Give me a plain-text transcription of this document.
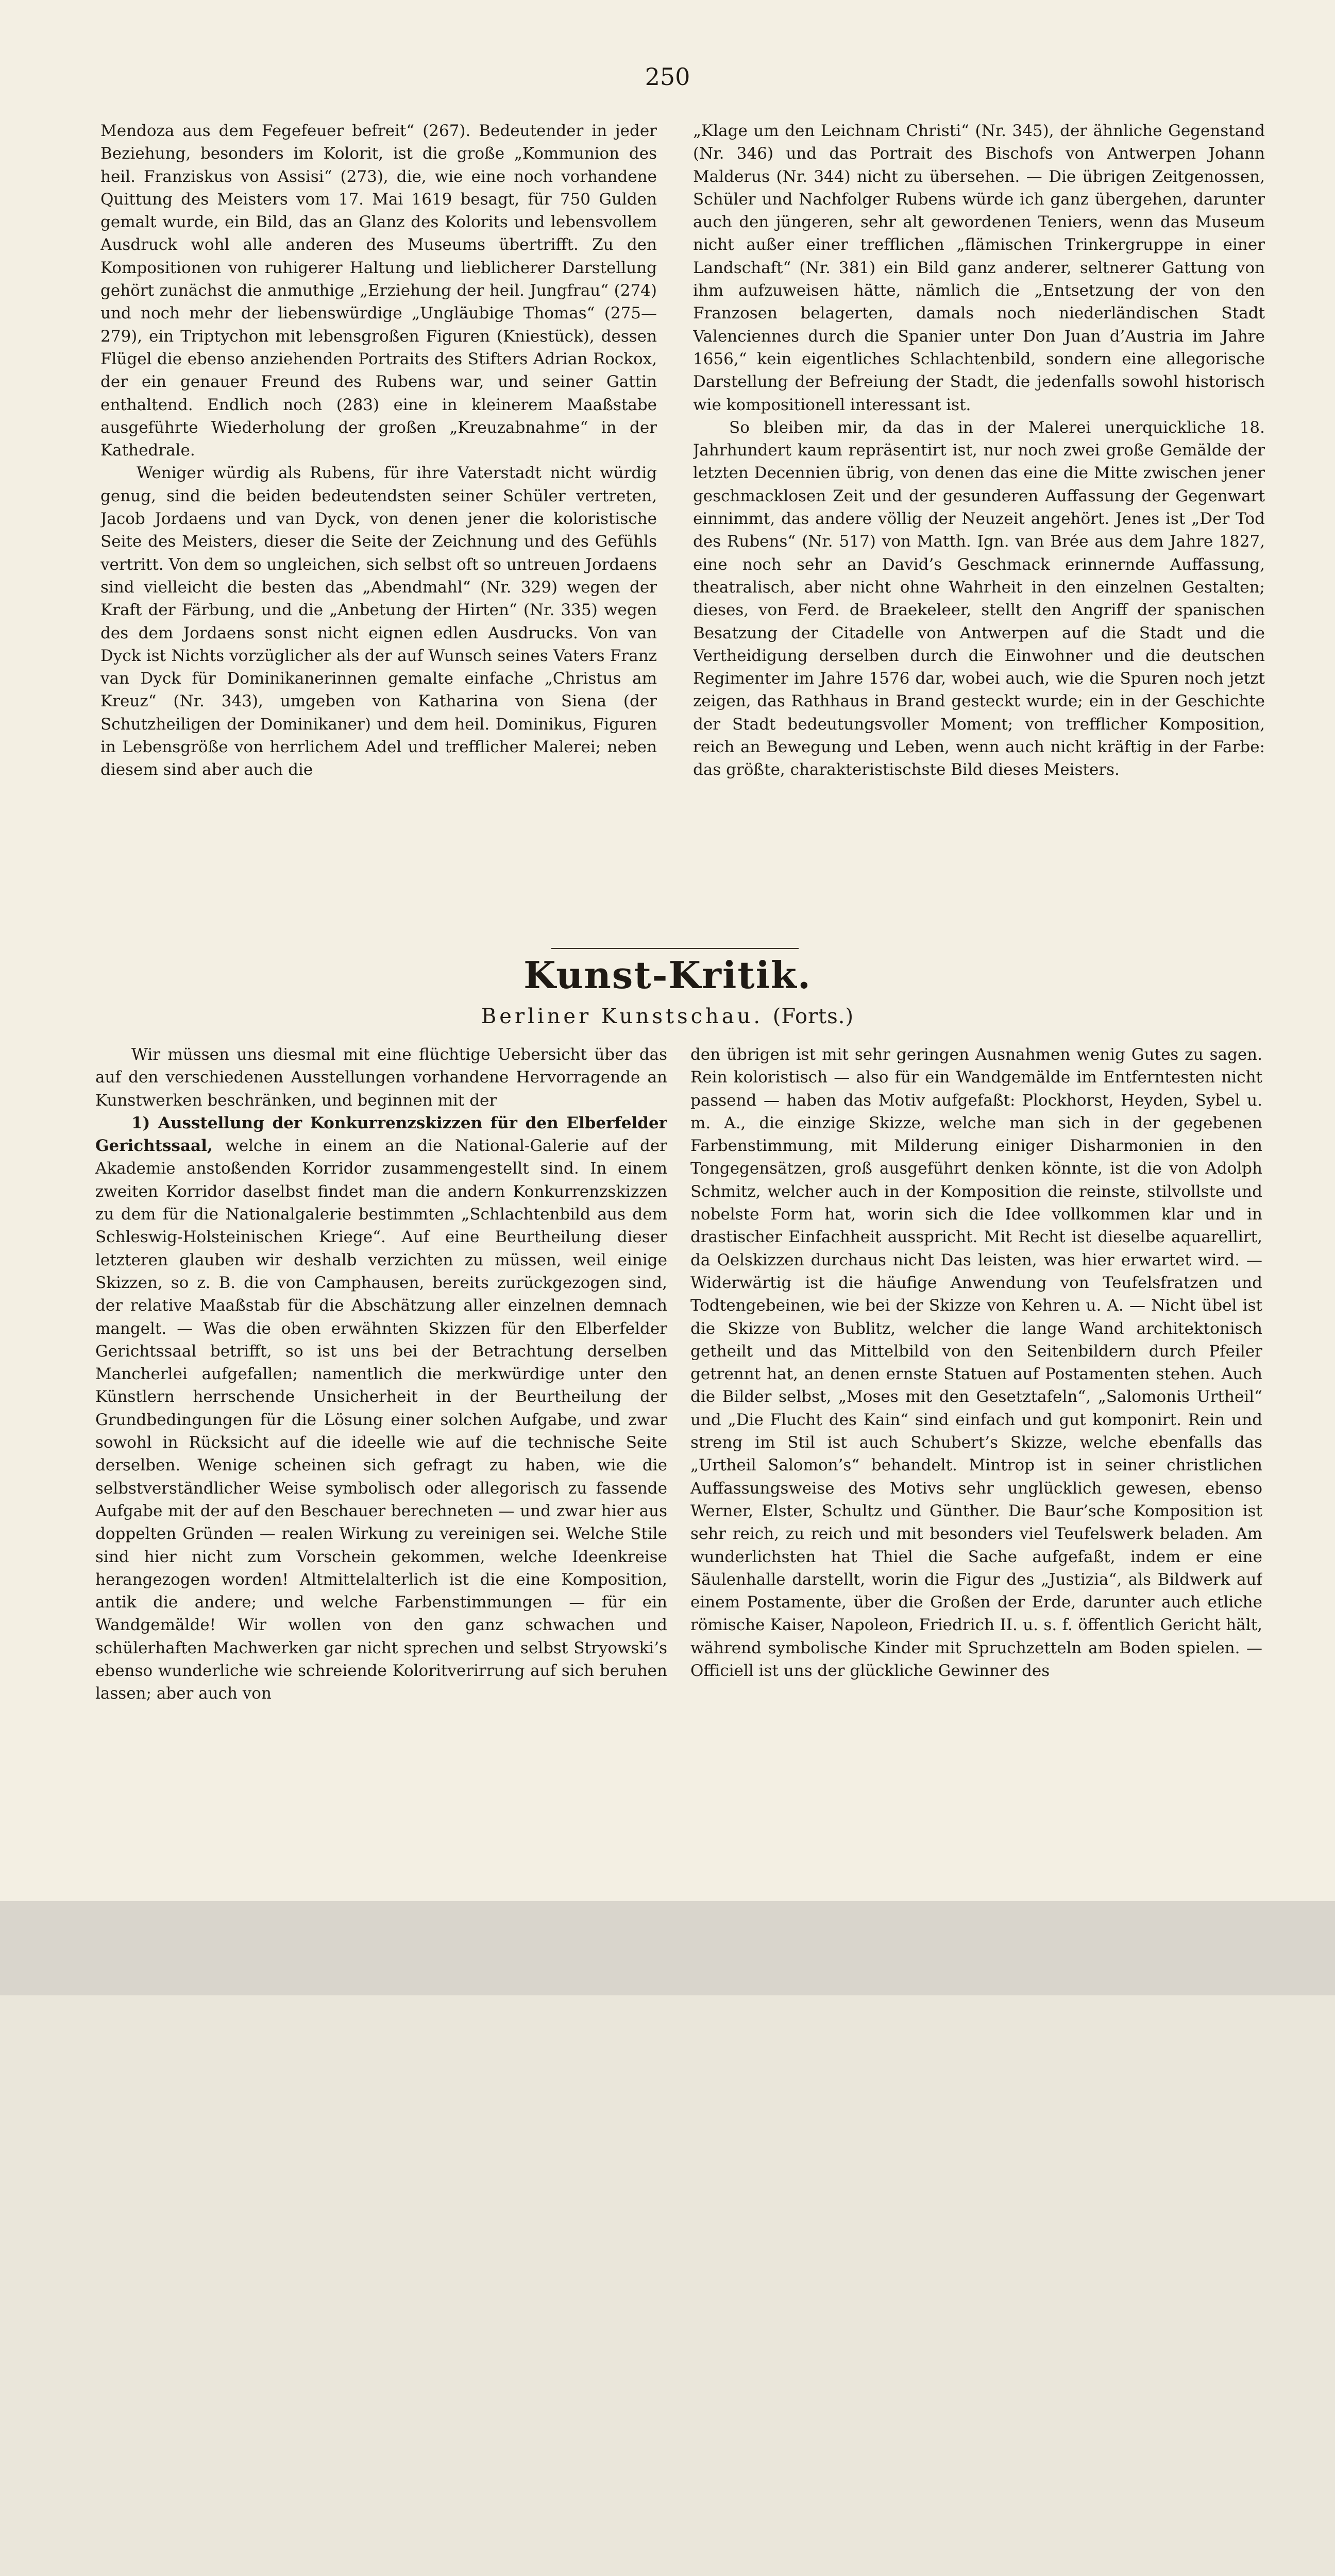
250

Mendoza aus dem Fegefeuer befreit“ (267). Bedeutender in jeder Beziehung, besonders im Kolorit, ist die große „Kommunion des heil. Franziskus von Assisi“ (273), die, wie eine noch vorhandene Quittung des Meisters vom 17. Mai 1619 besagt, für 750 Gulden gemalt wurde, ein Bild, das an Glanz des Kolorits und lebensvollem Ausdruck wohl alle anderen des Museums übertrifft. Zu den Kompositionen von ruhigerer Haltung und lieblicherer Darstellung gehört zunächst die anmuthige „Erziehung der heil. Jungfrau“ (274) und noch mehr der liebenswürdige „Ungläubige Thomas“ (275—279), ein Triptychon mit lebensgroßen Figuren (Kniestück), dessen Flügel die ebenso anziehenden Portraits des Stifters Adrian Rockox, der ein genauer Freund des Rubens war, und seiner Gattin enthaltend. Endlich noch (283) eine in kleinerem Maaßstabe ausgeführte Wiederholung der großen „Kreuzabnahme“ in der Kathedrale.

Weniger würdig als Rubens, für ihre Vaterstadt nicht würdig genug, sind die beiden bedeutendsten seiner Schüler vertreten, Jacob Jordaens und van Dyck, von denen jener die koloristische Seite des Meisters, dieser die Seite der Zeichnung und des Gefühls vertritt. Von dem so ungleichen, sich selbst oft so untreuen Jordaens sind vielleicht die besten das „Abendmahl“ (Nr. 329) wegen der Kraft der Färbung, und die „Anbetung der Hirten“ (Nr. 335) wegen des dem Jordaens sonst nicht eignen edlen Ausdrucks. Von van Dyck ist Nichts vorzüglicher als der auf Wunsch seines Vaters Franz van Dyck für Dominikanerinnen gemalte einfache „Christus am Kreuz“ (Nr. 343), umgeben von Katharina von Siena (der Schutzheiligen der Dominikaner) und dem heil. Dominikus, Figuren in Lebensgröße von herrlichem Adel und trefflicher Malerei; neben diesem sind aber auch die

„Klage um den Leichnam Christi“ (Nr. 345), der ähnliche Gegenstand (Nr. 346) und das Portrait des Bischofs von Antwerpen Johann Malderus (Nr. 344) nicht zu übersehen. — Die übrigen Zeitgenossen, Schüler und Nachfolger Rubens würde ich ganz übergehen, darunter auch den jüngeren, sehr alt gewordenen Teniers, wenn das Museum nicht außer einer trefflichen „flämischen Trinkergruppe in einer Landschaft“ (Nr. 381) ein Bild ganz anderer, seltnerer Gattung von ihm aufzuweisen hätte, nämlich die „Entsetzung der von den Franzosen belagerten, damals noch niederländischen Stadt Valenciennes durch die Spanier unter Don Juan d’Austria im Jahre 1656,“ kein eigentliches Schlachtenbild, sondern eine allegorische Darstellung der Befreiung der Stadt, die jedenfalls sowohl historisch wie kompositionell interessant ist.

So bleiben mir, da das in der Malerei unerquickliche 18. Jahrhundert kaum repräsentirt ist, nur noch zwei große Gemälde der letzten Decennien übrig, von denen das eine die Mitte zwischen jener geschmacklosen Zeit und der gesunderen Auffassung der Gegenwart einnimmt, das andere völlig der Neuzeit angehört. Jenes ist „Der Tod des Rubens“ (Nr. 517) von Matth. Ign. van Brée aus dem Jahre 1827, eine noch sehr an David’s Geschmack erinnernde Auffassung, theatralisch, aber nicht ohne Wahrheit in den einzelnen Gestalten; dieses, von Ferd. de Braekeleer, stellt den Angriff der spanischen Besatzung der Citadelle von Antwerpen auf die Stadt und die Vertheidigung derselben durch die Einwohner und die deutschen Regimenter im Jahre 1576 dar, wobei auch, wie die Spuren noch jetzt zeigen, das Rathhaus in Brand gesteckt wurde; ein in der Geschichte der Stadt bedeutungsvoller Moment; von trefflicher Komposition, reich an Bewegung und Leben, wenn auch nicht kräftig in der Farbe: das größte, charakteristischste Bild dieses Meisters.

Kunst-Kritik.
Berliner Kunstschau. (Forts.)

Wir müssen uns diesmal mit eine flüchtige Uebersicht über das auf den verschiedenen Ausstellungen vorhandene Hervorragende an Kunstwerken beschränken, und beginnen mit der

1) Ausstellung der Konkurrenzskizzen für den Elberfelder Gerichtssaal, welche in einem an die National-Galerie auf der Akademie anstoßenden Korridor zusammengestellt sind. In einem zweiten Korridor daselbst findet man die andern Konkurrenzskizzen zu dem für die Nationalgalerie bestimmten „Schlachtenbild aus dem Schleswig-Holsteinischen Kriege“. Auf eine Beurtheilung dieser letzteren glauben wir deshalb verzichten zu müssen, weil einige Skizzen, so z. B. die von Camphausen, bereits zurückgezogen sind, der relative Maaßstab für die Abschätzung aller einzelnen demnach mangelt. — Was die oben erwähnten Skizzen für den Elberfelder Gerichtssaal betrifft, so ist uns bei der Betrachtung derselben Mancherlei aufgefallen; namentlich die merkwürdige unter den Künstlern herrschende Unsicherheit in der Beurtheilung der Grundbedingungen für die Lösung einer solchen Aufgabe, und zwar sowohl in Rücksicht auf die ideelle wie auf die technische Seite derselben. Wenige scheinen sich gefragt zu haben, wie die selbstverständlicher Weise symbolisch oder allegorisch zu fassende Aufgabe mit der auf den Beschauer berechneten — und zwar hier aus doppelten Gründen — realen Wirkung zu vereinigen sei. Welche Stile sind hier nicht zum Vorschein gekommen, welche Ideenkreise herangezogen worden! Altmittelalterlich ist die eine Komposition, antik die andere; und welche Farbenstimmungen — für ein Wandgemälde! Wir wollen von den ganz schwachen und schülerhaften Machwerken gar nicht sprechen und selbst Stryowski’s ebenso wunderliche wie schreiende Koloritverirrung auf sich beruhen lassen; aber auch von

den übrigen ist mit sehr geringen Ausnahmen wenig Gutes zu sagen. Rein koloristisch — also für ein Wandgemälde im Entferntesten nicht passend — haben das Motiv aufgefaßt: Plockhorst, Heyden, Sybel u. m. A., die einzige Skizze, welche man sich in der gegebenen Farbenstimmung, mit Milderung einiger Disharmonien in den Tongegensätzen, groß ausgeführt denken könnte, ist die von Adolph Schmitz, welcher auch in der Komposition die reinste, stilvollste und nobelste Form hat, worin sich die Idee vollkommen klar und in drastischer Einfachheit ausspricht. Mit Recht ist dieselbe aquarellirt, da Oelskizzen durchaus nicht Das leisten, was hier erwartet wird. — Widerwärtig ist die häufige Anwendung von Teufelsfratzen und Todtengebeinen, wie bei der Skizze von Kehren u. A. — Nicht übel ist die Skizze von Bublitz, welcher die lange Wand architektonisch getheilt und das Mittelbild von den Seitenbildern durch Pfeiler getrennt hat, an denen ernste Statuen auf Postamenten stehen. Auch die Bilder selbst, „Moses mit den Gesetztafeln“, „Salomonis Urtheil“ und „Die Flucht des Kain“ sind einfach und gut komponirt. Rein und streng im Stil ist auch Schubert’s Skizze, welche ebenfalls das „Urtheil Salomon’s“ behandelt. Mintrop ist in seiner christlichen Auffassungsweise des Motivs sehr unglücklich gewesen, ebenso Werner, Elster, Schultz und Günther. Die Baur’sche Komposition ist sehr reich, zu reich und mit besonders viel Teufelswerk beladen. Am wunderlichsten hat Thiel die Sache aufgefaßt, indem er eine Säulenhalle darstellt, worin die Figur des „Justizia“, als Bildwerk auf einem Postamente, über die Großen der Erde, darunter auch etliche römische Kaiser, Napoleon, Friedrich II. u. s. f. öffentlich Gericht hält, während symbolische Kinder mit Spruchzetteln am Boden spielen. — Officiell ist uns der glückliche Gewinner des
